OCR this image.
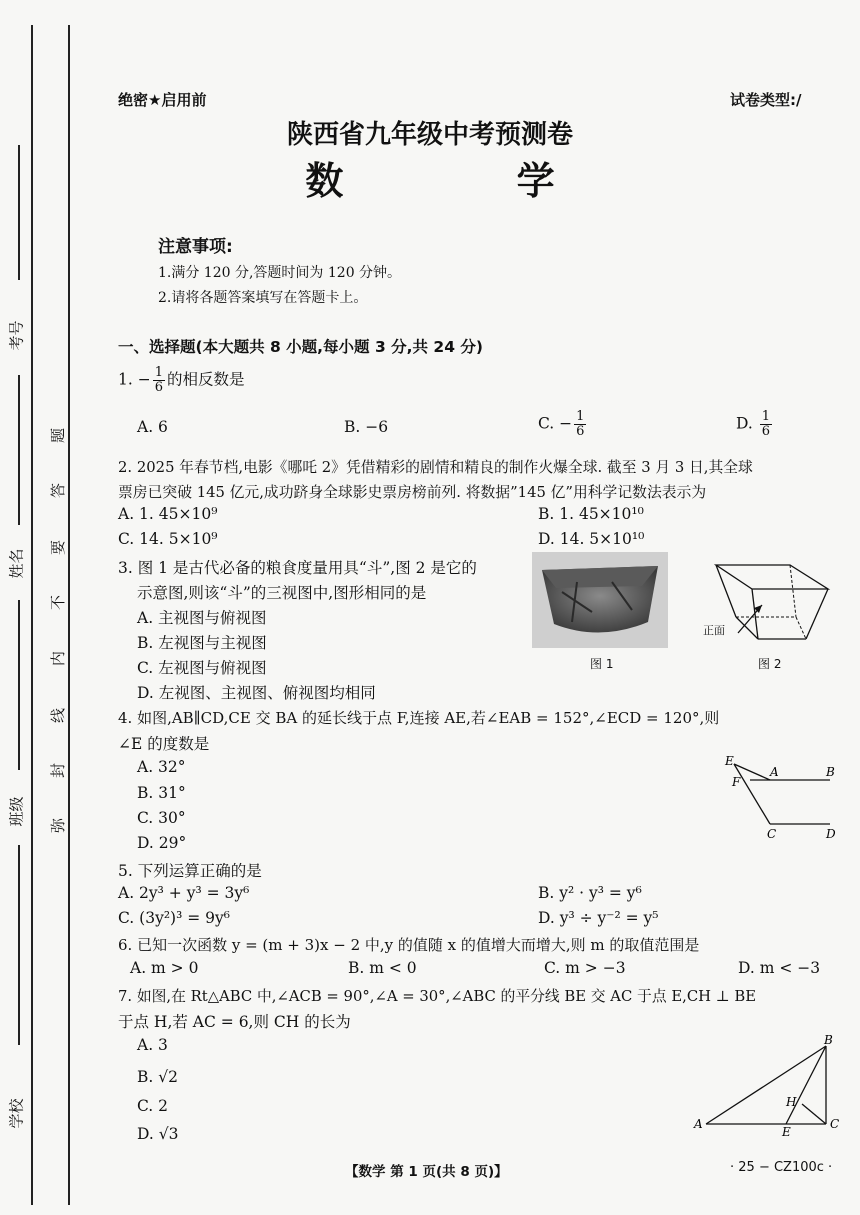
考号
姓名
班级
学校
题
答
要
不
内
线
封
弥
绝密★启用前	试卷类型:/
陕西省九年级中考预测卷
数 学
注意事项:
1.满分 120 分,答题时间为 120 分钟。
2.请将各题答案填写在答题卡上。
一、选择题(本大题共 8 小题,每小题 3 分,共 24 分)
1. − $\frac{1}{6}$ 的相反数是
A. 6	B. −6	C. − $\frac{1}{6}$	D. $\frac{1}{6}$
2. 2025 年春节档,电影《哪吒 2》凭借精彩的剧情和精良的制作火爆全球. 截至 3 月 3 日,其全球
票房已突破 145 亿元,成功跻身全球影史票房榜前列. 将数据”145 亿”用科学记数法表示为
A. 1. 45×10⁹	B. 1. 45×10¹⁰
C. 14. 5×10⁹	D. 14. 5×10¹⁰
3. 图 1 是古代必备的粮食度量用具“斗”,图 2 是它的
示意图,则该“斗”的三视图中,图形相同的是
A. 主视图与俯视图
B. 左视图与主视图
C. 左视图与俯视图
D. 左视图、主视图、俯视图均相同
图 1
正面
图 2
4. 如图,AB∥CD,CE 交 BA 的延长线于点 F,连接 AE,若∠EAB = 152°,∠ECD = 120°,则
∠E 的度数是
A. 32°
B. 31°
C. 30°
D. 29°
E
F
A	B
C	D
5. 下列运算正确的是
A. 2y³ + y³ = 3y⁶	B. y² · y³ = y⁶
C. (3y²)³ = 9y⁶	D. y³ ÷ y⁻² = y⁵
6. 已知一次函数 y = (m + 3)x − 2 中,y 的值随 x 的值增大而增大,则 m 的取值范围是
A. m > 0	B. m < 0	C. m > −3	D. m < −3
7. 如图,在 Rt△ABC 中,∠ACB = 90°,∠A = 30°,∠ABC 的平分线 BE 交 AC 于点 E,CH ⊥ BE
于点 H,若 AC = 6,则 CH 的长为
A. 3
B. √2
C. 2
D. √3
B
H
A
E
C
【数学 第 1 页(共 8 页)】	· 25 − CZ100c ·
